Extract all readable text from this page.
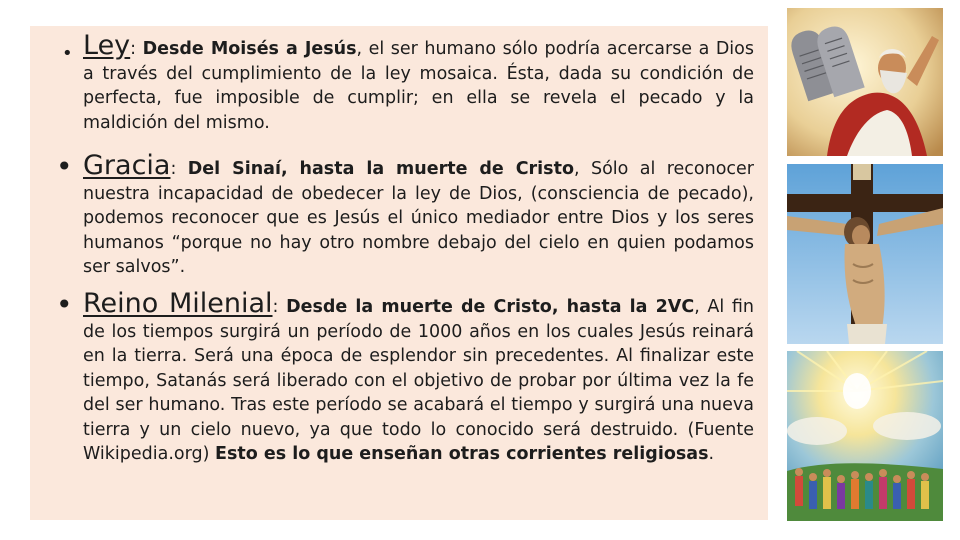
• Ley: Desde Moisés a Jesús, el ser humano sólo podría acercarse a Dios a través del cumplimiento de la ley mosaica. Ésta, dada su condición de perfecta, fue imposible de cumplir; en ella se revela el pecado y la maldición del mismo.
• Gracia: Del Sinaí, hasta la muerte de Cristo, Sólo al reconocer nuestra incapacidad de obedecer la ley de Dios, (consciencia de pecado), podemos reconocer que es Jesús el único mediador entre Dios y los seres humanos “porque no hay otro nombre debajo del cielo en quien podamos ser salvos”.
• Reino Milenial: Desde la muerte de Cristo, hasta la 2VC, Al fin de los tiempos surgirá un período de 1000 años en los cuales Jesús reinará en la tierra. Será una época de esplendor sin precedentes. Al finalizar este tiempo, Satanás será liberado con el objetivo de probar por última vez la fe del ser humano. Tras este período se acabará el tiempo y surgirá una nueva tierra y un cielo nuevo, ya que todo lo conocido será destruido. (Fuente Wikipedia.org) Esto es lo que enseñan otras corrientes religiosas.
